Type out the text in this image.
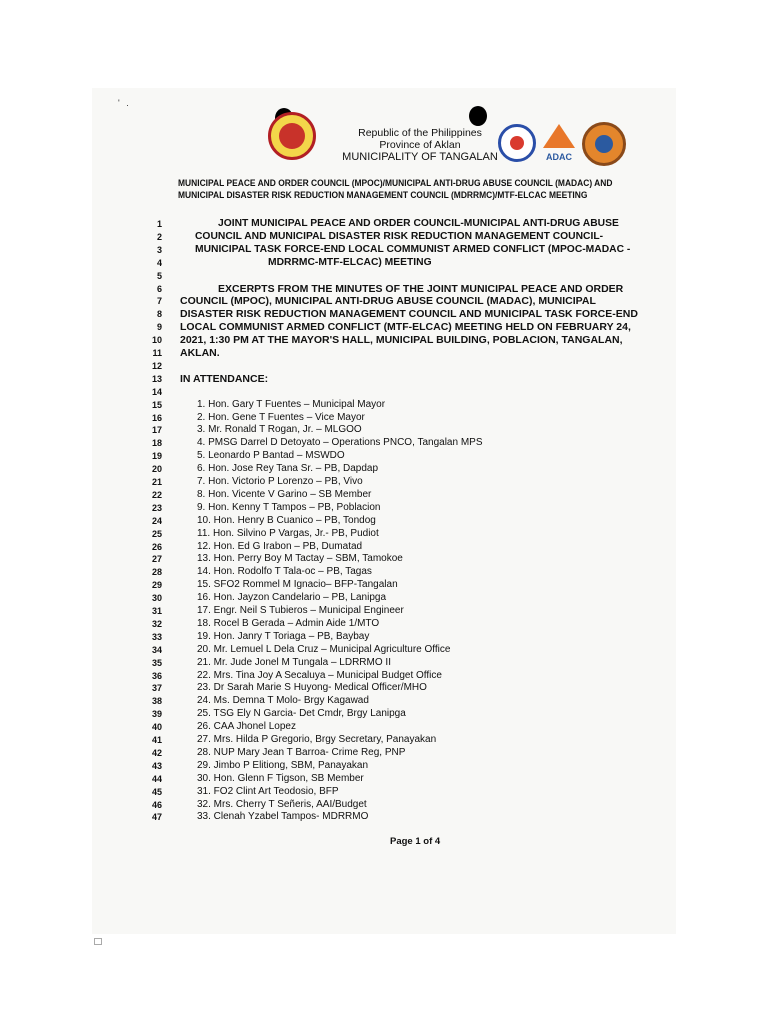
' .
ADAC
Republic of the Philippines
Province of Aklan
MUNICIPALITY OF TANGALAN
MUNICIPAL PEACE AND ORDER COUNCIL (MPOC)/MUNICIPAL ANTI-DRUG ABUSE COUNCIL (MADAC) AND
MUNICIPAL DISASTER RISK REDUCTION MANAGEMENT COUNCIL (MDRRMC)/MTF-ELCAC MEETING
1
2
3
4
5
6
7
8
9
10
11
12
13
14
15
16
17
18
19
20
21
22
23
24
25
26
27
28
29
30
31
32
33
34
35
36
37
38
39
40
41
42
43
44
45
46
47
JOINT MUNICIPAL PEACE AND ORDER COUNCIL-MUNICIPAL ANTI-DRUG ABUSE
COUNCIL AND MUNICIPAL DISASTER RISK REDUCTION MANAGEMENT COUNCIL-
MUNICIPAL TASK FORCE-END LOCAL COMMUNIST ARMED CONFLICT (MPOC-MADAC -
MDRRMC-MTF-ELCAC) MEETING
EXCERPTS FROM THE MINUTES OF THE JOINT MUNICIPAL PEACE AND ORDER
COUNCIL (MPOC), MUNICIPAL ANTI-DRUG ABUSE COUNCIL (MADAC), MUNICIPAL
DISASTER RISK REDUCTION MANAGEMENT COUNCIL AND MUNICIPAL TASK FORCE-END
LOCAL COMMUNIST ARMED CONFLICT (MTF-ELCAC) MEETING HELD ON FEBRUARY 24,
2021, 1:30 PM AT THE MAYOR'S HALL, MUNICIPAL BUILDING, POBLACION, TANGALAN,
AKLAN.
IN ATTENDANCE:
1. Hon. Gary T Fuentes – Municipal Mayor
2. Hon. Gene T Fuentes – Vice Mayor
3. Mr. Ronald T Rogan, Jr. – MLGOO
4. PMSG Darrel D Detoyato – Operations PNCO, Tangalan MPS
5. Leonardo P Bantad – MSWDO
6. Hon. Jose Rey Tana Sr. – PB, Dapdap
7. Hon. Victorio P Lorenzo – PB, Vivo
8. Hon. Vicente V Garino – SB Member
9. Hon. Kenny T Tampos – PB, Poblacion
10. Hon. Henry B Cuanico – PB, Tondog
11. Hon. Silvino P Vargas, Jr.- PB, Pudiot
12. Hon. Ed G Irabon – PB, Dumatad
13. Hon. Perry Boy M Tactay – SBM, Tamokoe
14. Hon. Rodolfo T Tala-oc – PB, Tagas
15. SFO2 Rommel M Ignacio– BFP-Tangalan
16. Hon. Jayzon Candelario – PB, Lanipga
17. Engr. Neil S Tubieros – Municipal Engineer
18. Rocel B Gerada – Admin Aide 1/MTO
19. Hon. Janry T Toriaga – PB, Baybay
20. Mr. Lemuel L Dela Cruz – Municipal Agriculture Office
21. Mr. Jude Jonel M Tungala – LDRRMO II
22. Mrs. Tina Joy A Secaluya – Municipal Budget Office
23. Dr Sarah Marie S Huyong- Medical Officer/MHO
24. Ms. Demna T Molo- Brgy Kagawad
25. TSG Ely N Garcia- Det Cmdr, Brgy Lanipga
26. CAA Jhonel Lopez
27. Mrs. Hilda P Gregorio, Brgy Secretary, Panayakan
28. NUP Mary Jean T Barroa- Crime Reg, PNP
29. Jimbo P Elitiong, SBM, Panayakan
30. Hon. Glenn F Tigson, SB Member
31. FO2 Clint Art Teodosio, BFP
32. Mrs. Cherry T Señeris, AAI/Budget
33. Clenah Yzabel Tampos- MDRRMO
Page 1 of 4
